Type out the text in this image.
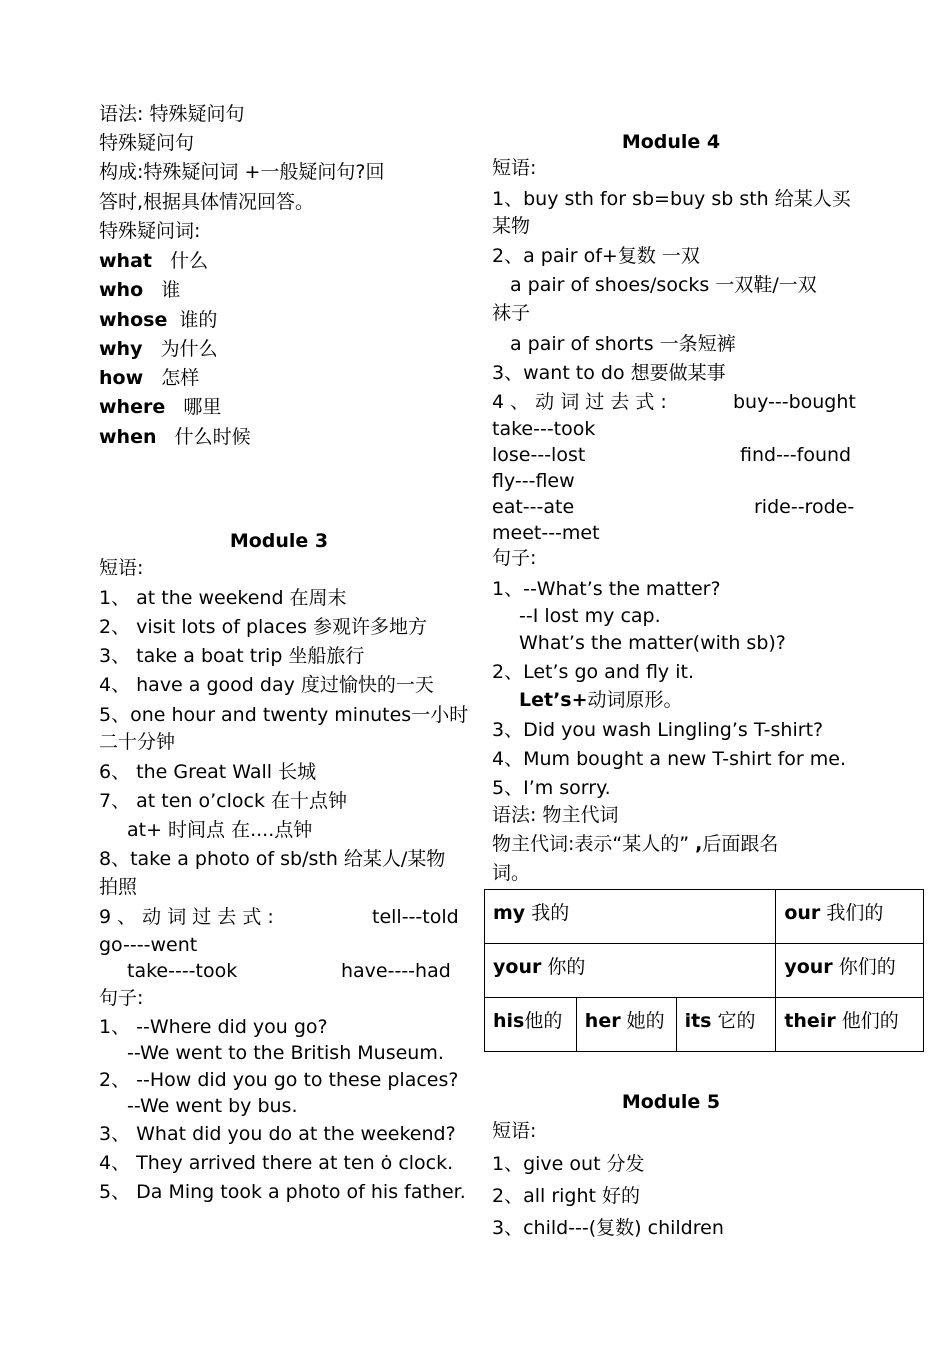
语法: 特殊疑问句
特殊疑问句
构成:特殊疑问词 +一般疑问句?回
答时,根据具体情况回答。
特殊疑问词:
what 什么
who 谁
whose 谁的
why 为什么
how 怎样
where 哪里
when 什么时候
Module 3
短语:
1、 at the weekend 在周末
2、 visit lots of places 参观许多地方
3、 take a boat trip 坐船旅行
4、 have a good day 度过愉快的一天
5、one hour and twenty minutes一小时
二十分钟
6、 the Great Wall 长城
7、 at ten o’clock 在十点钟
at+ 时间点 在....点钟
8、take a photo of sb/sth 给某人/某物
拍照
9 、 动 词 过 去 式 :	tell---told
go----went
take----took	have----had
句子:
1、 --Where did you go?
--We went to the British Museum.
2、 --How did you go to these places?
--We went by bus.
3、 What did you do at the weekend?
4、 They arrived there at ten ȯ clock.
5、 Da Ming took a photo of his father.
Module 4
短语:
1、buy sth for sb=buy sb sth 给某人买
某物
2、a pair of+复数 一双
a pair of shoes/socks 一双鞋/一双
袜子
a pair of shorts 一条短裤
3、want to do 想要做某事
4 、 动 词 过 去 式 :	buy---bought
take---took
lose---lost	find---found
fly---flew
eat---ate	ride--rode-
meet---met
句子:
1、--What’s the matter?
--I lost my cap.
What’s the matter(with sb)?
2、Let’s go and fly it.
Let’s+动词原形。
3、Did you wash Lingling’s T-shirt?
4、Mum bought a new T-shirt for me.
5、I’m sorry.
语法: 物主代词
物主代词:表示“某人的” ,后面跟名
词。
Module 5
短语:
1、give out 分发
2、all right 好的
3、child---(复数) children
my 我的			our 我们的
your 你的			your 你们的
his他的	her 她的	its 它的	their 他们的
